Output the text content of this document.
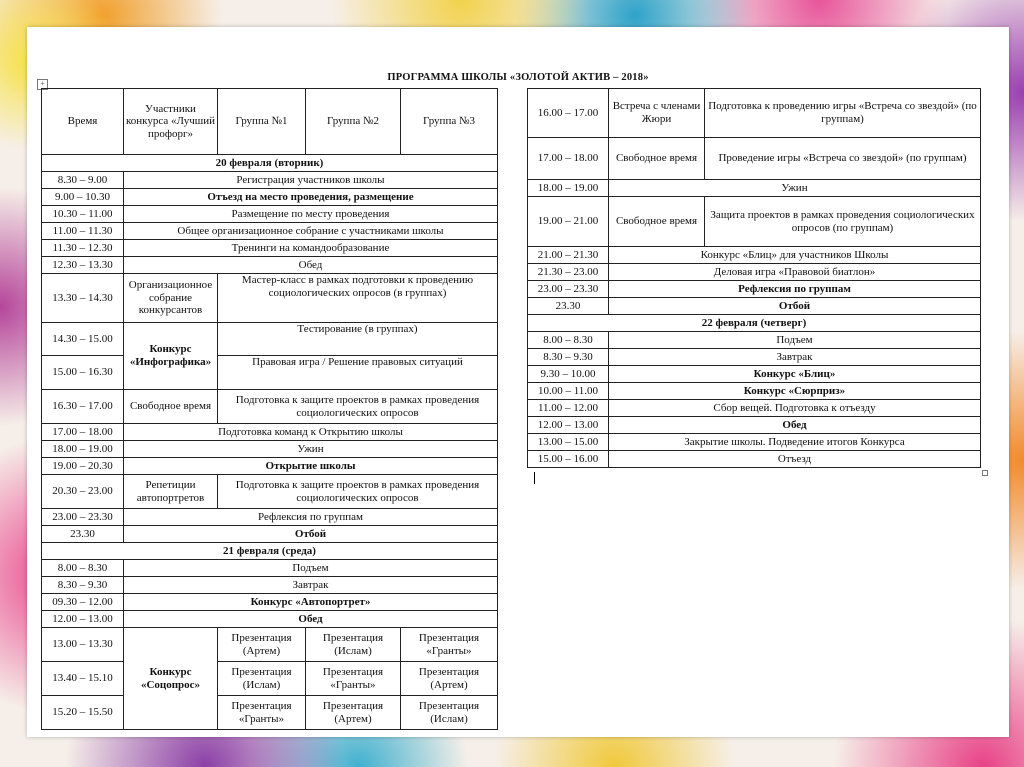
ПРОГРАММА ШКОЛЫ «ЗОЛОТОЙ АКТИВ – 2018»
+
Время	Участники конкурса «Лучший профорг»	Группа №1	Группа №2	Группа №3
20 февраля (вторник)				
8.30 – 9.00	Регистрация участников школы			
9.00 – 10.30	Отъезд на место проведения, размещение			
10.30 – 11.00	Размещение по месту проведения			
11.00 – 11.30	Общее организационное собрание с участниками школы			
11.30 – 12.30	Тренинги на командообразование			
12.30 – 13.30	Обед			
13.30 – 14.30	Организационное собрание конкурсантов	Мастер-класс в рамках подготовки к проведению социологических опросов (в группах)		
14.30 – 15.00	Конкурс «Инфографика»	Тестирование (в группах)		
15.00 – 16.30		Правовая игра / Решение правовых ситуаций		
16.30 – 17.00	Свободное время	Подготовка к защите проектов в рамках проведения социологических опросов		
17.00 – 18.00	Подготовка команд к Открытию школы			
18.00 – 19.00	Ужин			
19.00 – 20.30	Открытие школы			
20.30 – 23.00	Репетиции автопортретов	Подготовка к защите проектов в рамках проведения социологических опросов		
23.00 – 23.30	Рефлексия по группам			
23.30	Отбой			
21 февраля (среда)				
8.00 – 8.30	Подъем			
8.30 – 9.30	Завтрак			
09.30 – 12.00	Конкурс «Автопортрет»			
12.00 – 13.00	Обед			
13.00 – 13.30	Конкурс «Соцопрос»	Презентация (Артем)	Презентация (Ислам)	Презентация «Гранты»
13.40 – 15.10		Презентация (Ислам)	Презентация «Гранты»	Презентация (Артем)
15.20 – 15.50		Презентация «Гранты»	Презентация (Артем)	Презентация (Ислам)
16.00 – 17.00	Встреча с членами Жюри	Подготовка к проведению игры «Встреча со звездой» (по группам)
17.00 – 18.00	Свободное время	Проведение игры «Встреча со звездой» (по группам)
18.00 – 19.00	Ужин	
19.00 – 21.00	Свободное время	Защита проектов в рамках проведения социологических опросов (по группам)
21.00 – 21.30	Конкурс «Блиц» для участников Школы	
21.30 – 23.00	Деловая игра «Правовой биатлон»	
23.00 – 23.30	Рефлексия по группам	
23.30	Отбой	
22 февраля (четверг)		
8.00 – 8.30	Подъем	
8.30 – 9.30	Завтрак	
9.30 – 10.00	Конкурс «Блиц»	
10.00 – 11.00	Конкурс «Сюрприз»	
11.00 – 12.00	Сбор вещей. Подготовка к отъезду	
12.00 – 13.00	Обед	
13.00 – 15.00	Закрытие школы. Подведение итогов Конкурса	
15.00 – 16.00	Отъезд	
